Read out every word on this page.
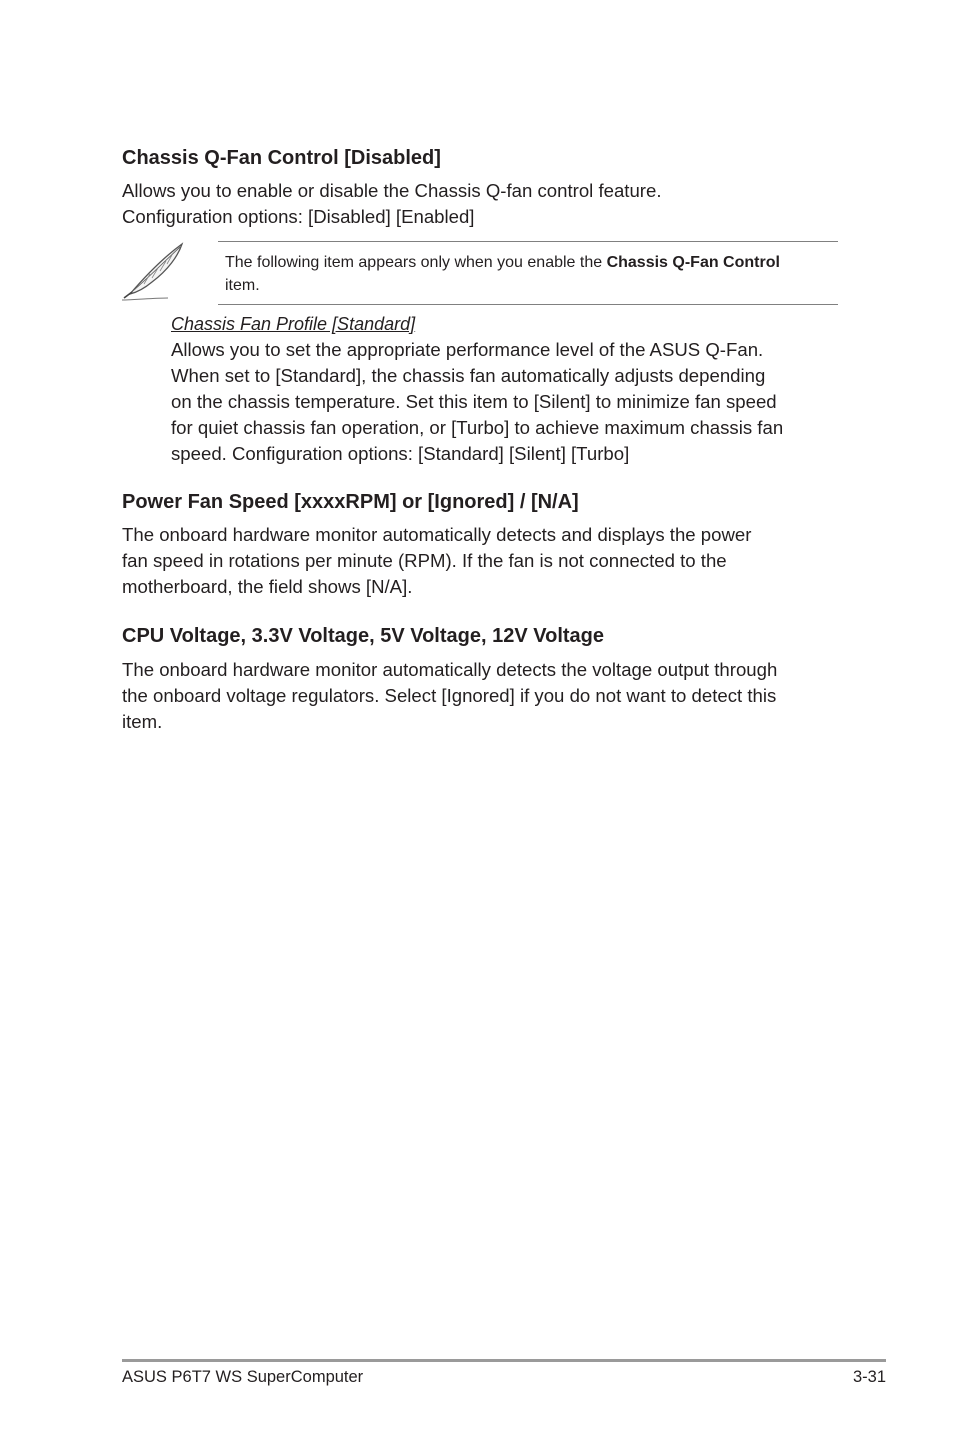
Chassis Q-Fan Control [Disabled]

Allows you to enable or disable the Chassis Q-fan control feature.
Configuration options: [Disabled] [Enabled]

The following item appears only when you enable the Chassis Q-Fan Control
item.
Chassis Fan Profile [Standard]

Allows you to set the appropriate performance level of the ASUS Q-Fan.
When set to [Standard], the chassis fan automatically adjusts depending
on the chassis temperature. Set this item to [Silent] to minimize fan speed
for quiet chassis fan operation, or [Turbo] to achieve maximum chassis fan
speed. Configuration options: [Standard] [Silent] [Turbo]

Power Fan Speed [xxxxRPM] or [Ignored] / [N/A]

The onboard hardware monitor automatically detects and displays the power
fan speed in rotations per minute (RPM). If the fan is not connected to the
motherboard, the field shows [N/A].

CPU Voltage, 3.3V Voltage, 5V Voltage, 12V Voltage

The onboard hardware monitor automatically detects the voltage output through
the onboard voltage regulators. Select [Ignored] if you do not want to detect this
item.

ASUS P6T7 WS SuperComputer	3-31
